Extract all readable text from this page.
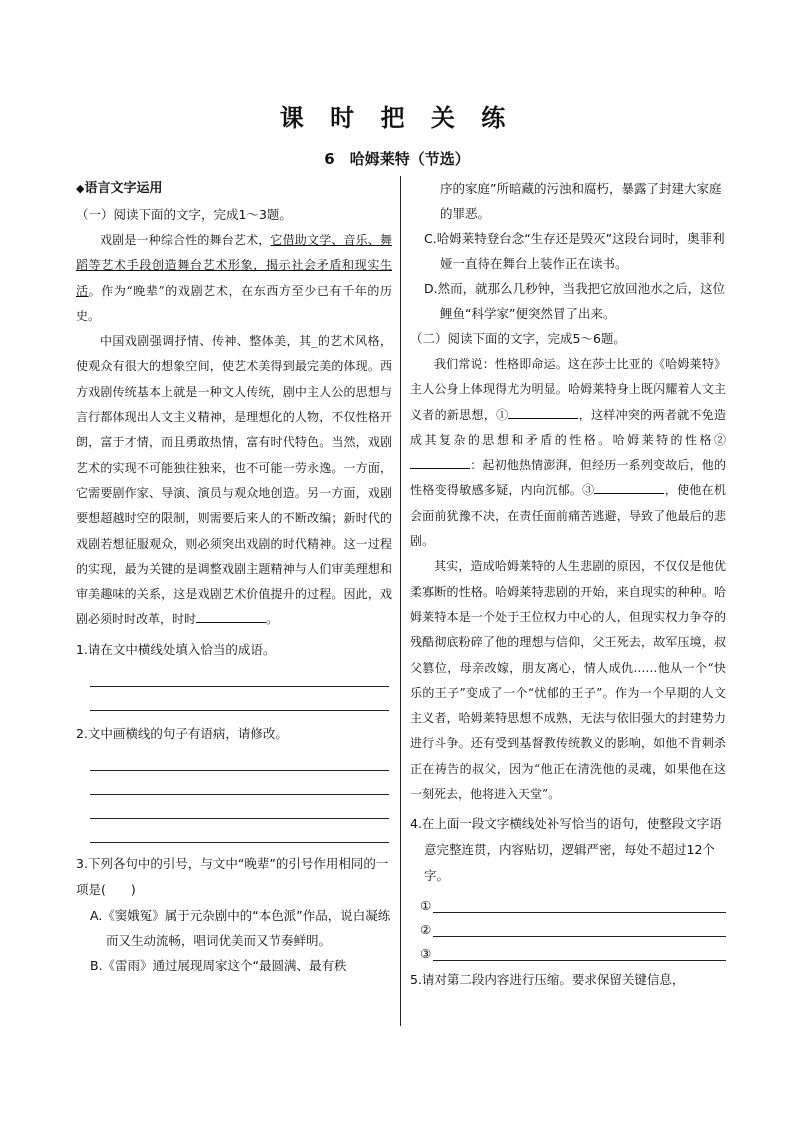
课 时 把 关 练
6　哈姆莱特（节选）

◆语言文字运用

（一）阅读下面的文字，完成1～3题。

戏剧是一种综合性的舞台艺术，它借助文学、音乐、舞蹈等艺术手段创造舞台艺术形象，揭示社会矛盾和现实生活。作为“晚辈”的戏剧艺术，在东西方至少已有千年的历史。

中国戏剧强调抒情、传神、整体美，其_的艺术风格，使观众有很大的想象空间，使艺术美得到最完美的体现。西方戏剧传统基本上就是一种文人传统，剧中主人公的思想与言行都体现出人文主义精神，是理想化的人物，不仅性格开朗，富于才情，而且勇敢热情，富有时代特色。当然，戏剧艺术的实现不可能独往独来，也不可能一劳永逸。一方面，它需要剧作家、导演、演员与观众地创造。另一方面，戏剧要想超越时空的限制，则需要后来人的不断改编；新时代的戏剧若想征服观众，则必须突出戏剧的时代精神。这一过程的实现，最为关键的是调整戏剧主题精神与人们审美理想和审美趣味的关系，这是戏剧艺术价值提升的过程。因此，戏剧必须时时改革，时时	。

1.请在文中横线处填入恰当的成语。

2.文中画横线的句子有语病，请修改。

3.下列各句中的引号，与文中“晚辈”的引号作用相同的一项是(　　)

A.《窦娥冤》属于元杂剧中的“本色派”作品，说白凝练而又生动流畅，唱词优美而又节奏鲜明。

B.《雷雨》通过展现周家这个“最圆满、最有秩

序的家庭”所暗藏的污浊和腐朽，暴露了封建大家庭的罪恶。

C.哈姆莱特登台念“生存还是毁灭”这段台词时，奥菲利娅一直待在舞台上装作正在读书。

D.然而，就那么几秒钟，当我把它放回池水之后，这位鲤鱼“科学家”便突然冒了出来。

（二）阅读下面的文字，完成5～6题。

我们常说：性格即命运。这在莎士比亚的《哈姆莱特》主人公身上体现得尤为明显。哈姆莱特身上既闪耀着人文主义者的新思想，①	，这样冲突的两者就不免造成其复杂的思想和矛盾的性格。哈姆莱特的性格②：起初他热情澎湃，但经历一系列变故后，他的性格变得敏感多疑，内向沉郁。③	，使他在机会面前犹豫不决，在责任面前痛苦逃避，导致了他最后的悲剧。

其实，造成哈姆莱特的人生悲剧的原因，不仅仅是他优柔寡断的性格。哈姆莱特悲剧的开始，来自现实的种种。哈姆莱特本是一个处于王位权力中心的人，但现实权力争夺的残酷彻底粉碎了他的理想与信仰，父王死去，故军压境，叔父篡位，母亲改嫁，朋友离心，情人成仇……他从一个“快乐的王子”变成了一个“忧郁的王子”。作为一个早期的人文主义者，哈姆莱特思想不成熟，无法与依旧强大的封建势力进行斗争。还有受到基督教传统教义的影响，如他不肯刺杀正在祷告的叔父，因为“他正在清洗他的灵魂，如果他在这一刻死去，他将进入天堂”。

4.在上面一段文字横线处补写恰当的语句，使整段文字语意完整连贯，内容贴切，逻辑严密，每处不超过12个字。

①
②
③

5.请对第二段内容进行压缩。要求保留关键信息，
